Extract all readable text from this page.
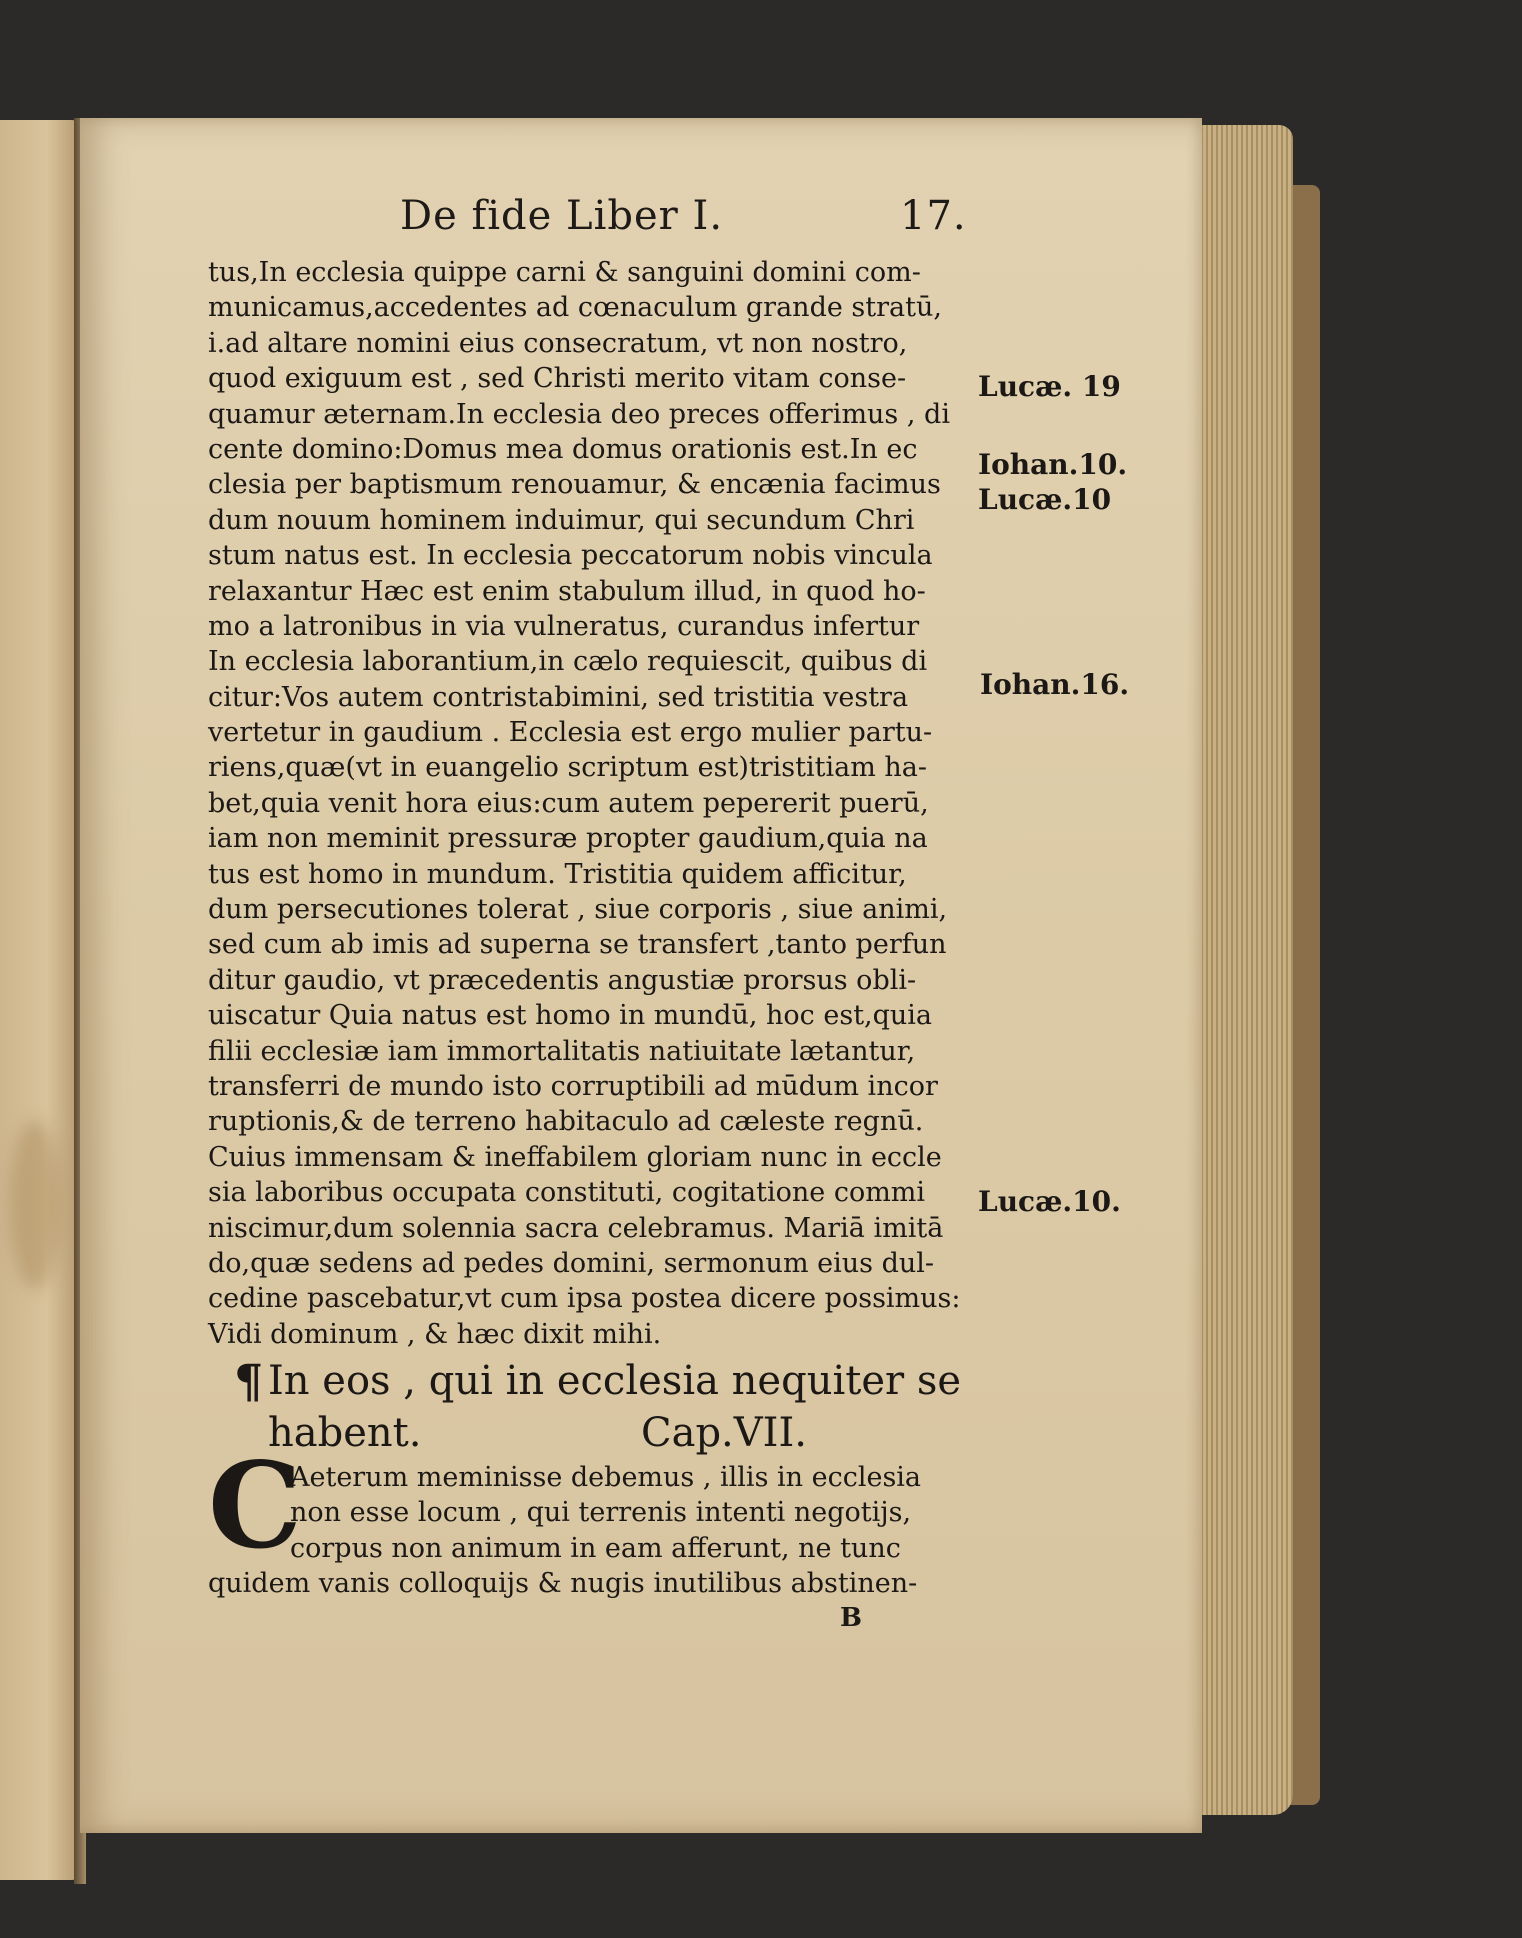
De fide Liber I.	17.
tus,In ecclesia quippe carni & sanguini domini com-
municamus,accedentes ad cœnaculum grande stratū,
i.ad altare nomini eius consecratum, vt non nostro,
quod exiguum est , sed Christi merito vitam conse-
quamur æternam.In ecclesia deo preces offerimus , di
cente domino:Domus mea domus orationis est.In ec
clesia per baptismum renouamur, & encænia facimus
dum nouum hominem induimur, qui secundum Chri
stum natus est. In ecclesia peccatorum nobis vincula
relaxantur Hæc est enim stabulum illud, in quod ho-
mo a latronibus in via vulneratus, curandus infertur
In ecclesia laborantium,in cælo requiescit, quibus di
citur:Vos autem contristabimini, sed tristitia vestra
vertetur in gaudium . Ecclesia est ergo mulier partu-
riens,quæ(vt in euangelio scriptum est)tristitiam ha-
bet,quia venit hora eius:cum autem pepererit puerū,
iam non meminit pressuræ propter gaudium,quia na
tus est homo in mundum. Tristitia quidem afficitur,
dum persecutiones tolerat , siue corporis , siue animi,
sed cum ab imis ad superna se transfert ,tanto perfun
ditur gaudio, vt præcedentis angustiæ prorsus obli-
uiscatur Quia natus est homo in mundū, hoc est,quia
filii ecclesiæ iam immortalitatis natiuitate lætantur,
transferri de mundo isto corruptibili ad mūdum incor
ruptionis,& de terreno habitaculo ad cæleste regnū.
Cuius immensam & ineffabilem gloriam nunc in eccle
sia laboribus occupata constituti, cogitatione commi
niscimur,dum solennia sacra celebramus. Mariā imitā
do,quæ sedens ad pedes domini, sermonum eius dul-
cedine pascebatur,vt cum ipsa postea dicere possimus:
Vidi dominum , & hæc dixit mihi.
Lucæ. 19
Iohan.10.
Lucæ.10
Iohan.16.
Lucæ.10.
¶ In eos , qui in ecclesia nequiter se
habent.	Cap.VII.
C
Aeterum meminisse debemus , illis in ecclesia
non esse locum , qui terrenis intenti negotijs,
corpus non animum in eam afferunt, ne tunc
quidem vanis colloquijs & nugis inutilibus abstinen-
B
